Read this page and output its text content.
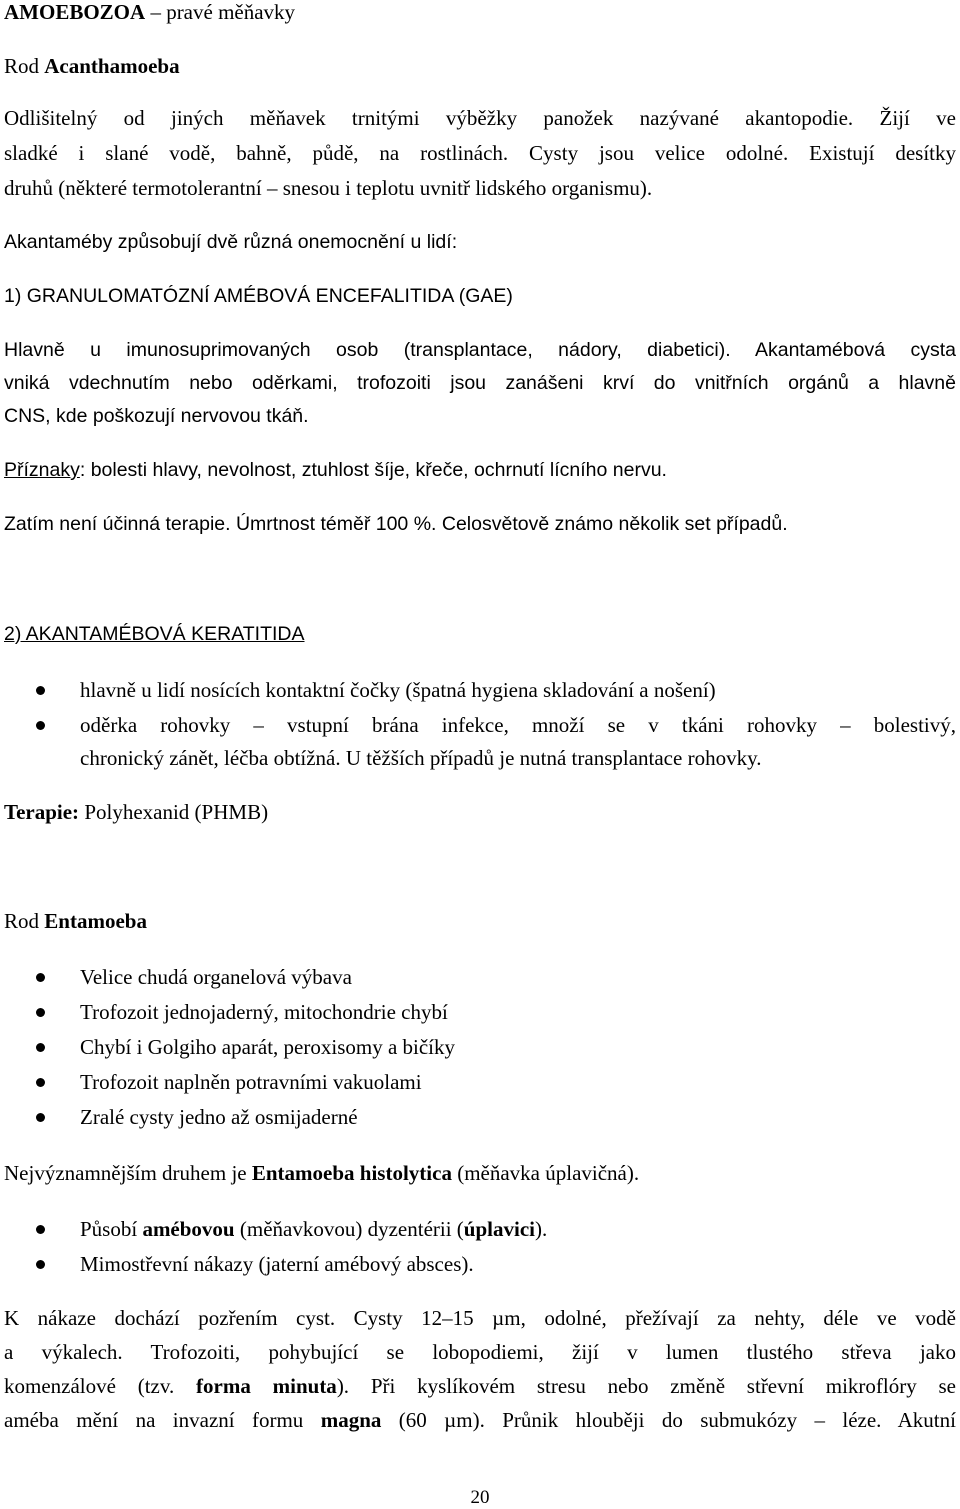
AMOEBOZOA – pravé měňavky
Rod Acanthamoeba
Odlišitelný od jiných měňavek trnitými výběžky panožek nazývané akantopodie. Žijí ve
sladké i slané vodě, bahně, půdě, na rostlinách. Cysty jsou velice odolné. Existují desítky
druhů (některé termotolerantní – snesou i teplotu uvnitř lidského organismu).
Akantaméby způsobují dvě různá onemocnění u lidí:
1) GRANULOMATÓZNÍ AMÉBOVÁ ENCEFALITIDA (GAE)
Hlavně u imunosuprimovaných osob (transplantace, nádory, diabetici). Akantamébová cysta
vniká vdechnutím nebo oděrkami, trofozoiti jsou zanášeni krví do vnitřních orgánů a hlavně
CNS, kde poškozují nervovou tkáň.
Příznaky: bolesti hlavy, nevolnost, ztuhlost šíje, křeče, ochrnutí lícního nervu.
Zatím není účinná terapie. Úmrtnost téměř 100 %. Celosvětově známo několik set případů.
2) AKANTAMÉBOVÁ KERATITIDA
hlavně u lidí nosících kontaktní čočky (špatná hygiena skladování a nošení)
oděrka rohovky – vstupní brána infekce, množí se v tkáni rohovky – bolestivý,
chronický zánět, léčba obtížná. U těžších případů je nutná transplantace rohovky.
Terapie: Polyhexanid (PHMB)
Rod Entamoeba
Velice chudá organelová výbava
Trofozoit jednojaderný, mitochondrie chybí
Chybí i Golgiho aparát, peroxisomy a bičíky
Trofozoit naplněn potravními vakuolami
Zralé cysty jedno až osmijaderné
Nejvýznamnějším druhem je Entamoeba histolytica (měňavka úplavičná).
Působí amébovou (měňavkovou) dyzentérii (úplavici).
Mimostřevní nákazy (jaterní amébový absces).
K nákaze dochází pozřením cyst. Cysty 12–15 µm, odolné, přežívají za nehty, déle ve vodě
a výkalech. Trofozoiti, pohybující se lobopodiemi, žijí v lumen tlustého střeva jako
komenzálové (tzv. forma minuta). Při kyslíkovém stresu nebo změně střevní mikroflóry se
améba mění na invazní formu magna (60 µm). Průnik hlouběji do submukózy – léze. Akutní
20
